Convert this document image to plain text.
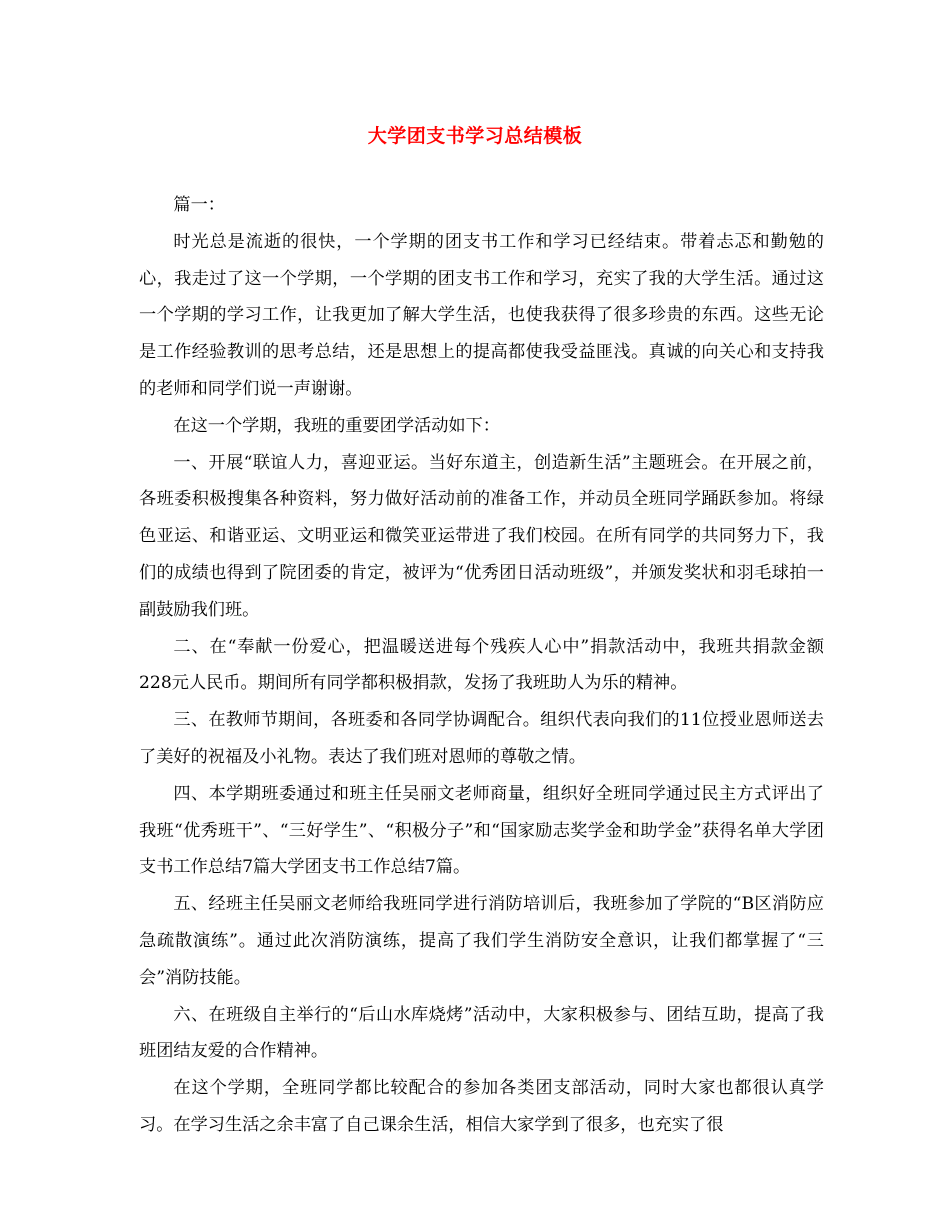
大学团支书学习总结模板

篇一：

时光总是流逝的很快，一个学期的团支书工作和学习已经结束。带着忐忑和勤勉的心，我走过了这一个学期，一个学期的团支书工作和学习，充实了我的大学生活。通过这一个学期的学习工作，让我更加了解大学生活，也使我获得了很多珍贵的东西。这些无论是工作经验教训的思考总结，还是思想上的提高都使我受益匪浅。真诚的向关心和支持我的老师和同学们说一声谢谢。

在这一个学期，我班的重要团学活动如下：

一、开展“联谊人力，喜迎亚运。当好东道主，创造新生活”主题班会。在开展之前，各班委积极搜集各种资料，努力做好活动前的准备工作，并动员全班同学踊跃参加。将绿色亚运、和谐亚运、文明亚运和微笑亚运带进了我们校园。在所有同学的共同努力下，我们的成绩也得到了院团委的肯定，被评为“优秀团日活动班级”，并颁发奖状和羽毛球拍一副鼓励我们班。

二、在“奉献一份爱心，把温暖送进每个残疾人心中”捐款活动中，我班共捐款金额228元人民币。期间所有同学都积极捐款，发扬了我班助人为乐的精神。

三、在教师节期间，各班委和各同学协调配合。组织代表向我们的11位授业恩师送去了美好的祝福及小礼物。表达了我们班对恩师的尊敬之情。

四、本学期班委通过和班主任吴丽文老师商量，组织好全班同学通过民主方式评出了我班“优秀班干”、“三好学生”、“积极分子”和“国家励志奖学金和助学金”获得名单大学团支书工作总结7篇大学团支书工作总结7篇。

五、经班主任吴丽文老师给我班同学进行消防培训后，我班参加了学院的“B区消防应急疏散演练”。通过此次消防演练，提高了我们学生消防安全意识，让我们都掌握了“三会”消防技能。

六、在班级自主举行的“后山水库烧烤”活动中，大家积极参与、团结互助，提高了我班团结友爱的合作精神。

在这个学期，全班同学都比较配合的参加各类团支部活动，同时大家也都很认真学习。在学习生活之余丰富了自己课余生活，相信大家学到了很多，也充实了很
